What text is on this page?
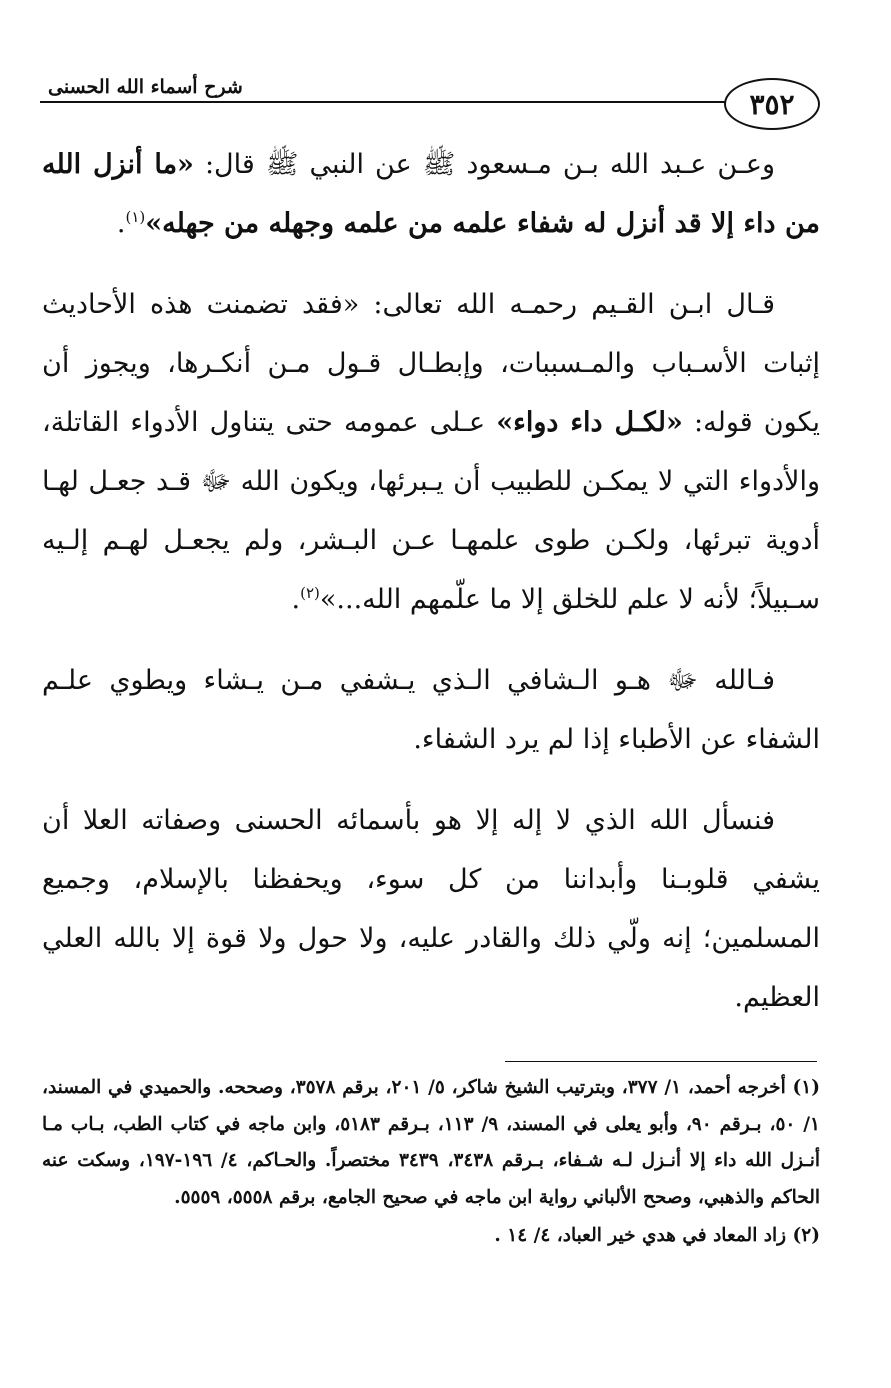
شرح أسماء الله الحسنى
٣٥٢

وعـن عـبد الله بـن مـسعود ﷺ عن النبي ﷺ قال: «ما أنزل الله من داء إلا قد أنزل له شفاء علمه من علمه وجهله من جهله»$^{(١)}$.

قـال ابـن القـيم رحمـه الله تعالى: «فقد تضمنت هذه الأحاديث إثبات الأسـباب والمـسببات، وإبطـال قـول مـن أنكـرها، ويجوز أن يكون قوله: «لكـل داء دواء» عـلى عمومه حتى يتناول الأدواء القاتلة، والأدواء التي لا يمكـن للطبيب أن يـبرئها، ويكون الله ﷻ قـد جعـل لهـا أدوية تبرئها، ولكـن طوى علمهـا عـن البـشر، ولم يجعـل لهـم إلـيه سـبيلاً؛ لأنه لا علم للخلق إلا ما علّمهم الله...»$^{(٢)}$.

فـالله ﷻ هـو الـشافي الـذي يـشفي مـن يـشاء ويطوي علـم الشفاء عن الأطباء إذا لم يرد الشفاء.

فنسأل الله الذي لا إله إلا هو بأسمائه الحسنى وصفاته العلا أن يشفي قلوبـنا وأبداننا من كل سوء، ويحفظنا بالإسلام، وجميع المسلمين؛ إنه ولّي ذلك والقادر عليه، ولا حول ولا قوة إلا بالله العلي العظيم.

(١) أخرجه أحمد، ١/ ٣٧٧، وبترتيب الشيخ شاكر، ٥/ ٢٠١، برقم ٣٥٧٨، وصححه. والحميدي في المسند، ١/ ٥٠، بـرقم ٩٠، وأبو يعلى في المسند، ٩/ ١١٣، بـرقم ٥١٨٣، وابن ماجه في كتاب الطب، بـاب مـا أنـزل الله داء إلا أنـزل لـه شـفاء، بـرقم ٣٤٣٨، ٣٤٣٩ مختصراً. والحـاكم، ٤/ ١٩٦-١٩٧، وسكت عنه الحاكم والذهبي، وصحح الألباني رواية ابن ماجه في صحيح الجامع، برقم ٥٥٥٨، ٥٥٥٩.

(٢) زاد المعاد في هدي خير العباد، ٤/ ١٤ .
